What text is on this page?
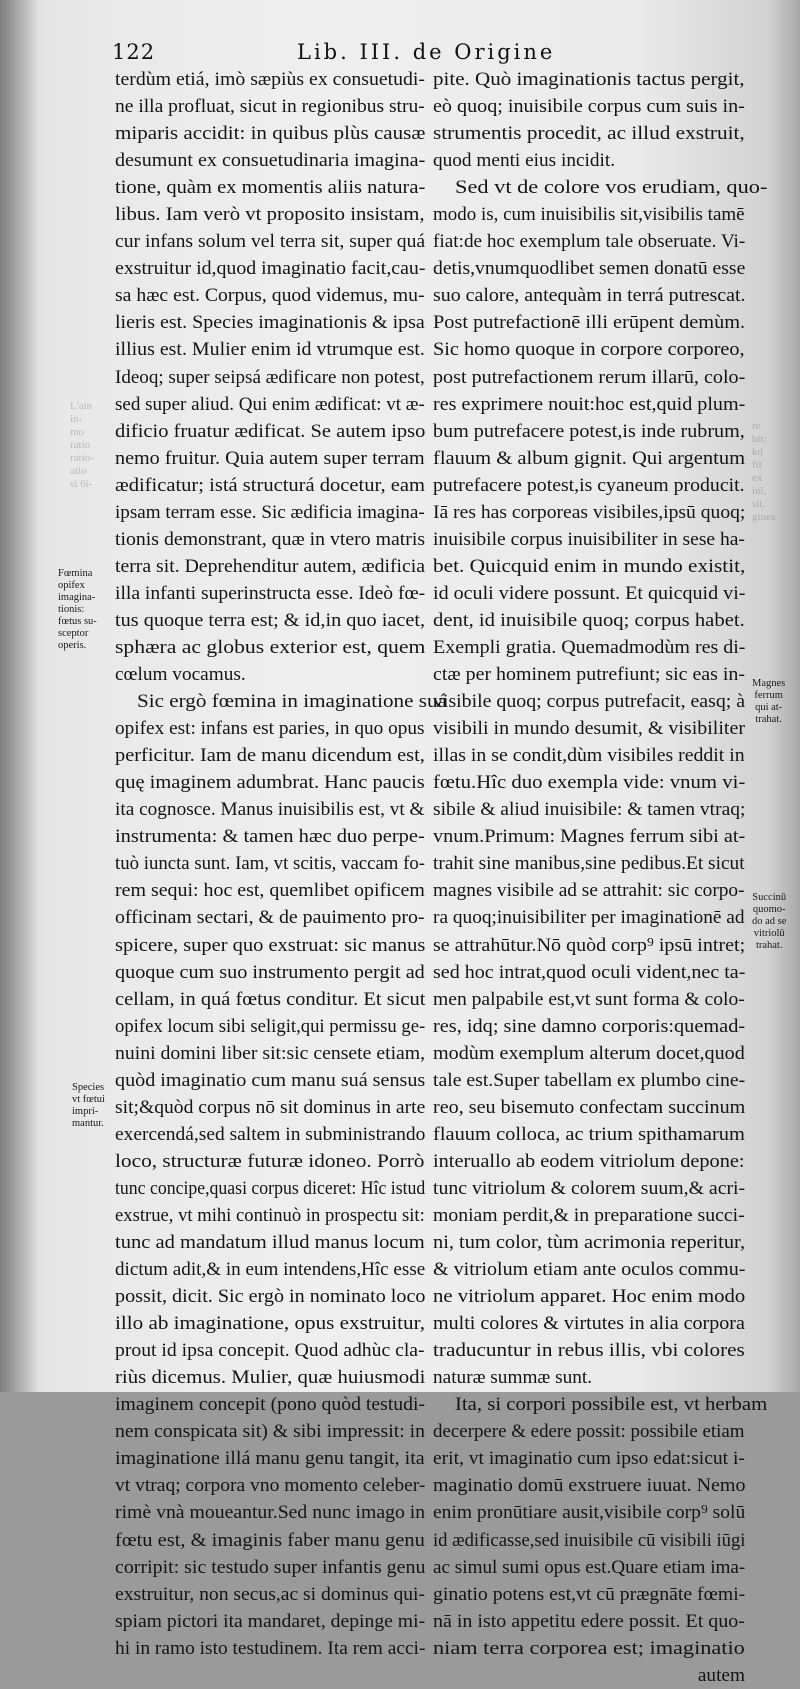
L'ain
in-
mo
ratio
ratio-
atio
si 6i-
re
bit;
kd
fit
ex
ini,
sit.
gines
122	Lib. III. de Origine
terdùm etiá, imò sæpiùs ex consuetudi-
ne illa profluat, sicut in regionibus stru-
miparis accidit: in quibus plùs causæ
desumunt ex consuetudinaria imagina-
tione, quàm ex momentis aliis natura-
libus. Iam verò vt proposito insistam,
cur infans solum vel terra sit, super quá
exstruitur id,quod imaginatio facit,cau-
sa hæc est. Corpus, quod videmus, mu-
lieris est. Species imaginationis & ipsa
illius est. Mulier enim id vtrumque est.
Ideoq; super seipsá ædificare non potest,
sed super aliud. Qui enim ædificat: vt æ-
dificio fruatur ædificat. Se autem ipso
nemo fruitur. Quia autem super terram
ædificatur; istá structurá docetur, eam
ipsam terram esse. Sic ædificia imagina-
tionis demonstrant, quæ in vtero matris
terra sit. Deprehenditur autem, ædificia
illa infanti superinstructa esse. Ideò fœ-
tus quoque terra est; & id,in quo iacet,
sphæra ac globus exterior est, quem
cœlum vocamus.
Sic ergò fœmina in imaginatione suá
opifex est: infans est paries, in quo opus
perficitur. Iam de manu dicendum est,
quę imaginem adumbrat. Hanc paucis
ita cognosce. Manus inuisibilis est, vt &
instrumenta: & tamen hæc duo perpe-
tuò iuncta sunt. Iam, vt scitis, vaccam fo-
rem sequi: hoc est, quemlibet opificem
officinam sectari, & de pauimento pro-
spicere, super quo exstruat: sic manus
quoque cum suo instrumento pergit ad
cellam, in quá fœtus conditur. Et sicut
opifex locum sibi seligit,qui permissu ge-
nuini domini liber sit:sic censete etiam,
quòd imaginatio cum manu suá sensus
sit;&quòd corpus nō sit dominus in arte
exercendá,sed saltem in subministrando
loco, structuræ futuræ idoneo. Porrò
tunc concipe,quasi corpus diceret: Hîc istud
exstrue, vt mihi continuò in prospectu sit:
tunc ad mandatum illud manus locum
dictum adit,& in eum intendens,Hîc esse
possit, dicit. Sic ergò in nominato loco
illo ab imaginatione, opus exstruitur,
prout id ipsa concepit. Quod adhùc cla-
riùs dicemus. Mulier, quæ huiusmodi
imaginem concepit (pono quòd testudi-
nem conspicata sit) & sibi impressit: in
imaginatione illá manu genu tangit, ita
vt vtraq; corpora vno momento celeber-
rimè vnà moueantur.Sed nunc imago in
fœtu est, & imaginis faber manu genu
corripit: sic testudo super infantis genu
exstruitur, non secus,ac si dominus qui-
spiam pictori ita mandaret, depinge mi-
hi in ramo isto testudinem. Ita rem acci-
pite. Quò imaginationis tactus pergit,
eò quoq; inuisibile corpus cum suis in-
strumentis procedit, ac illud exstruit,
quod menti eius incidit.
Sed vt de colore vos erudiam, quo-
modo is, cum inuisibilis sit,visibilis tamē
fiat:de hoc exemplum tale obseruate. Vi-
detis,vnumquodlibet semen donatū esse
suo calore, antequàm in terrá putrescat.
Post putrefactionē illi erūpent demùm.
Sic homo quoque in corpore corporeo,
post putrefactionem rerum illarū, colo-
res exprimere nouit:hoc est,quid plum-
bum putrefacere potest,is inde rubrum,
flauum & album gignit. Qui argentum
putrefacere potest,is cyaneum producit.
Iā res has corporeas visibiles,ipsū quoq;
inuisibile corpus inuisibiliter in sese ha-
bet. Quicquid enim in mundo existit,
id oculi videre possunt. Et quicquid vi-
dent, id inuisibile quoq; corpus habet.
Exempli gratia. Quemadmodùm res di-
ctæ per hominem putrefiunt; sic eas in-
visibile quoq; corpus putrefacit, easq; à
visibili in mundo desumit, & visibiliter
illas in se condit,dùm visibiles reddit in
fœtu.Hîc duo exempla vide: vnum vi-
sibile & aliud inuisibile: & tamen vtraq;
vnum.Primum: Magnes ferrum sibi at-
trahit sine manibus,sine pedibus.Et sicut
magnes visibile ad se attrahit: sic corpo-
ra quoq;inuisibiliter per imaginationē ad
se attrahūtur.Nō quòd corp⁹ ipsū intret;
sed hoc intrat,quod oculi vident,nec ta-
men palpabile est,vt sunt forma & colo-
res, idq; sine damno corporis:quemad-
modùm exemplum alterum docet,quod
tale est.Super tabellam ex plumbo cine-
reo, seu bisemuto confectam succinum
flauum colloca, ac trium spithamarum
interuallo ab eodem vitriolum depone:
tunc vitriolum & colorem suum,& acri-
moniam perdit,& in preparatione succi-
ni, tum color, tùm acrimonia reperitur,
& vitriolum etiam ante oculos commu-
ne vitriolum apparet. Hoc enim modo
multi colores & virtutes in alia corpora
traducuntur in rebus illis, vbi colores
naturæ summæ sunt.
Ita, si corpori possibile est, vt herbam
decerpere & edere possit: possibile etiam
erit, vt imaginatio cum ipso edat:sicut i-
maginatio domū exstruere iuuat. Nemo
enim pronūtiare ausit,visibile corp⁹ solū
id ædificasse,sed inuisibile cū visibili iūgi
ac simul sumi opus est.Quare etiam ima-
ginatio potens est,vt cū prægnāte fœmi-
nā in isto appetitu edere possit. Et quo-
niam terra corporea est; imaginatio
autem
Fœmina
opifex
imagina-
tionis:
fœtus su-
sceptor
operis.
Species
vt fœtui
impri-
mantur.
Magnes
ferrum
qui at-
trahat.
Succinū
quomo-
do ad se
vitriolū
trahat.
